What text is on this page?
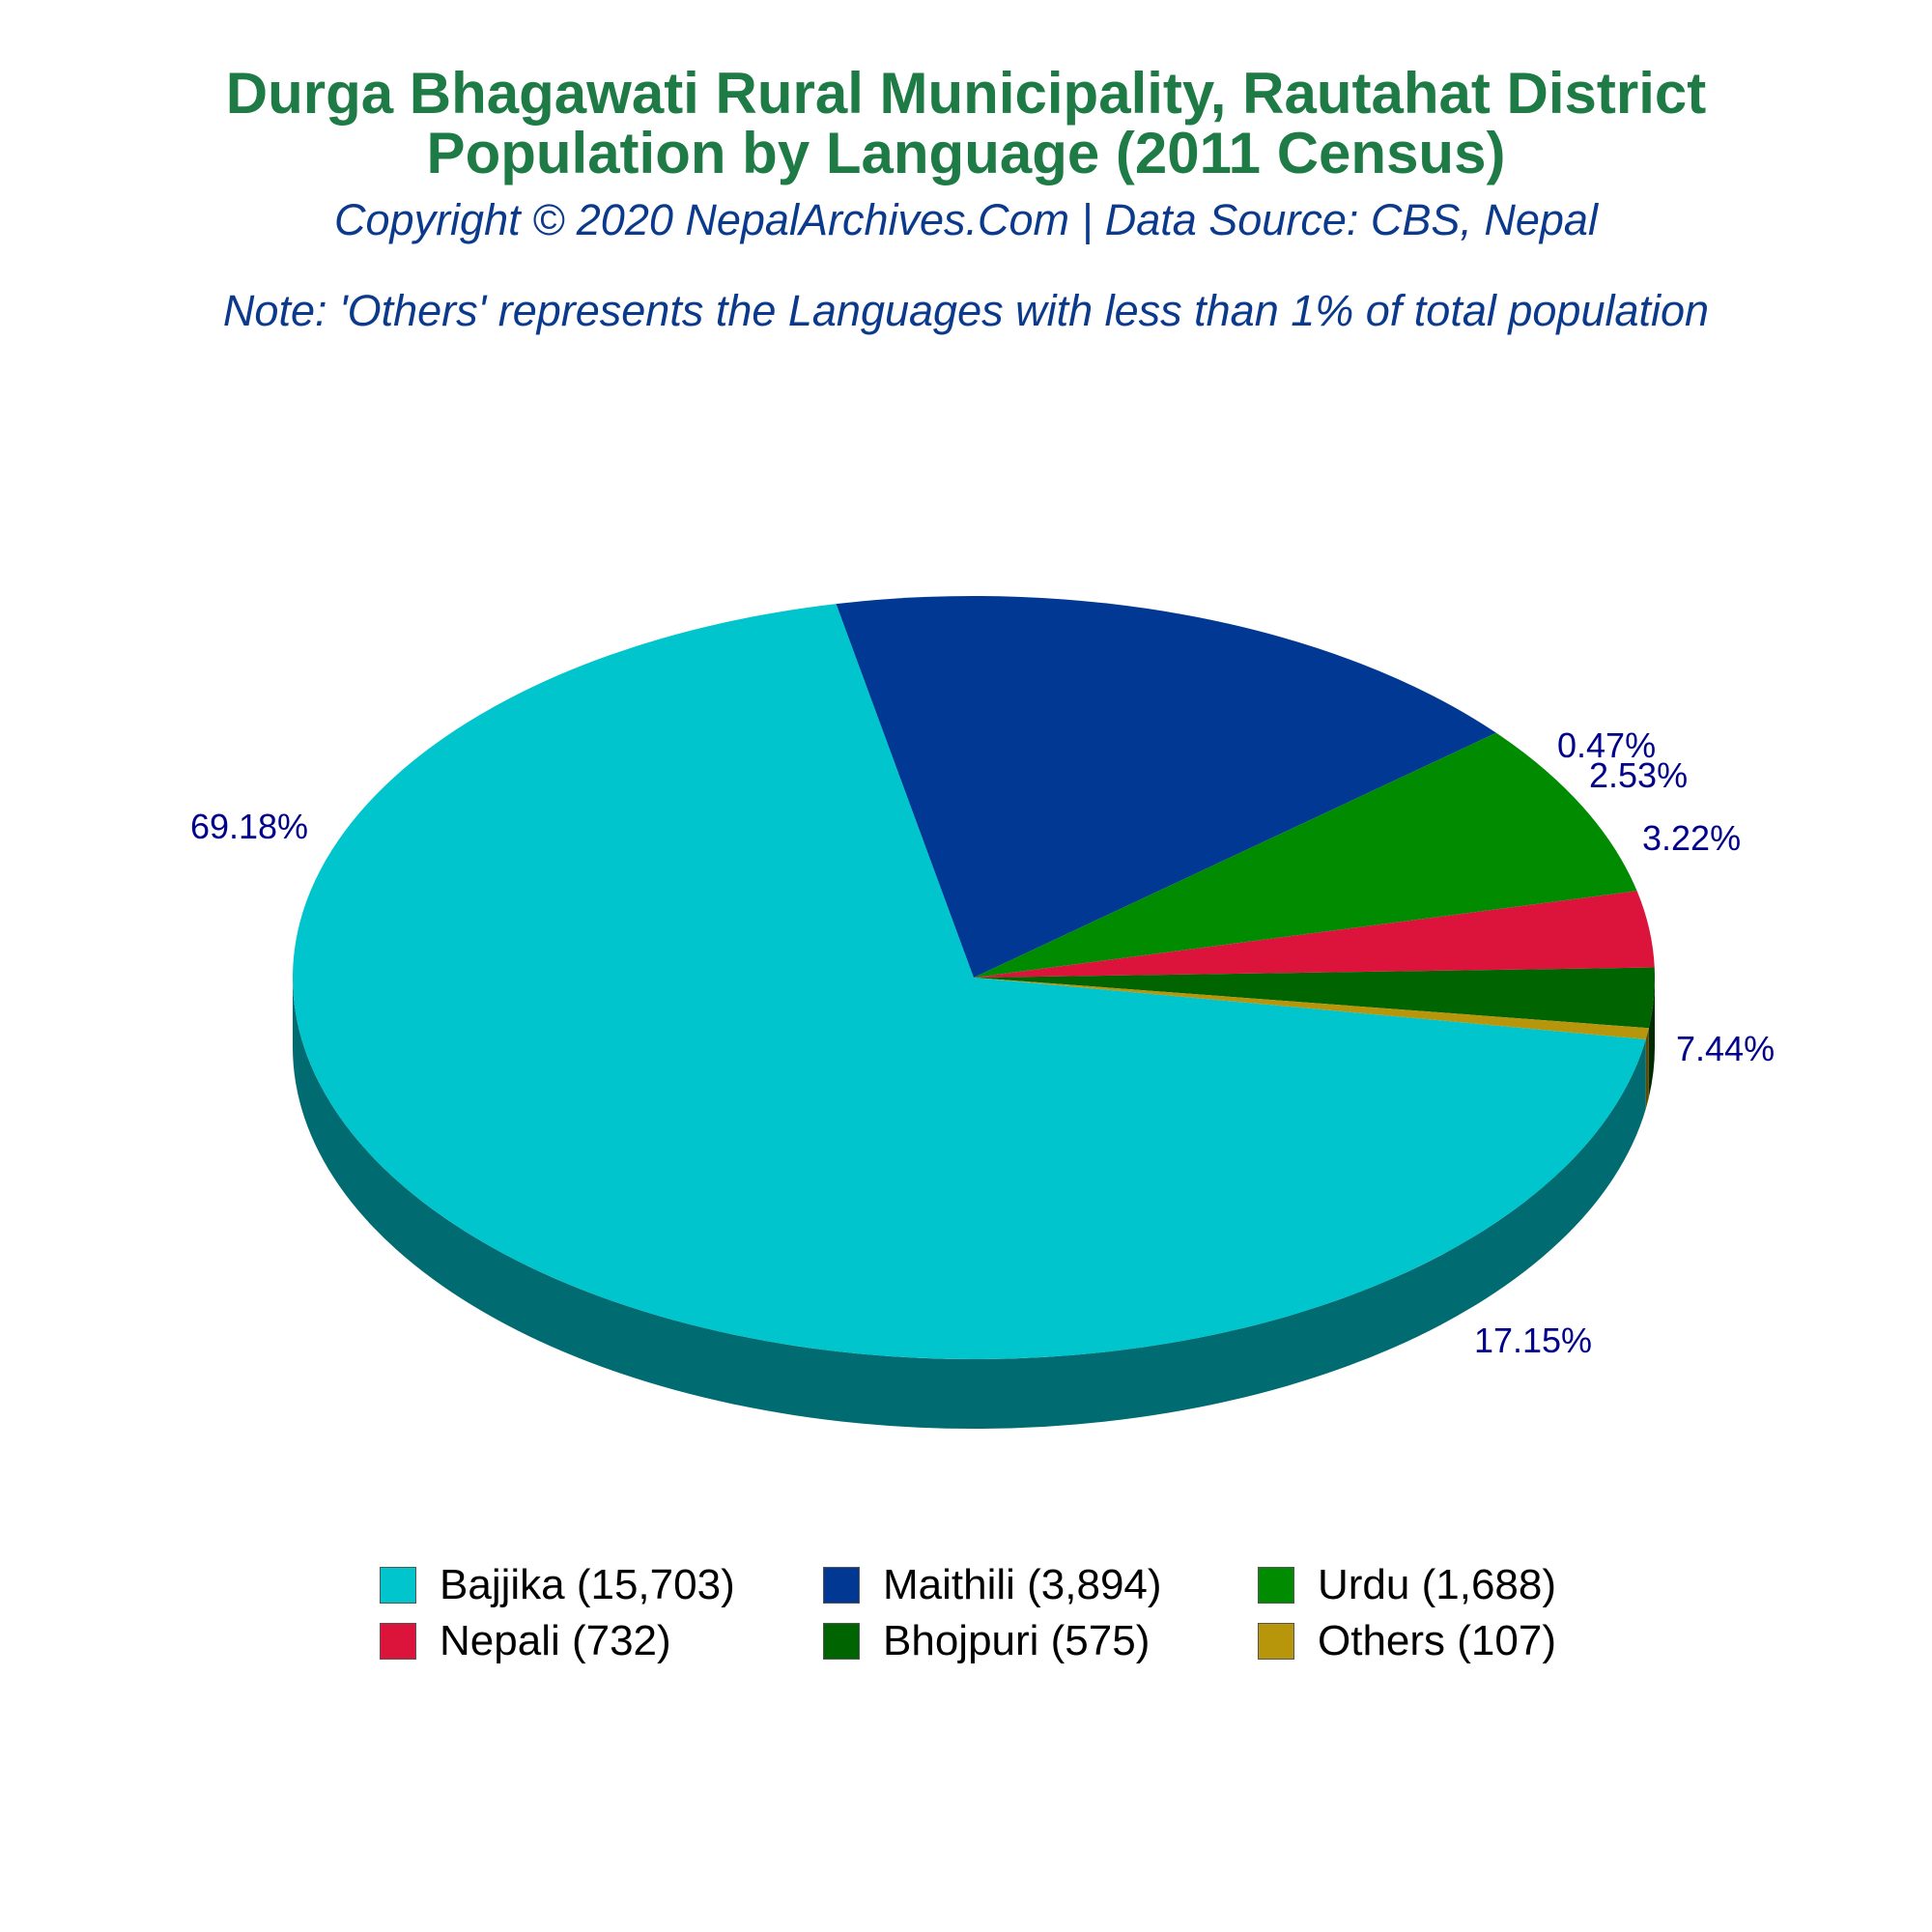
Durga Bhagawati Rural Municipality, Rautahat District
Population by Language (2011 Census)
Copyright © 2020 NepalArchives.Com | Data Source: CBS, Nepal
Note: 'Others' represents the Languages with less than 1% of total population
69.18%
17.15%
7.44%
3.22%
2.53%
0.47%
Bajjika (15,703)	Maithili (3,894)	Urdu (1,688)
Nepali (732)	Bhojpuri (575)	Others (107)
